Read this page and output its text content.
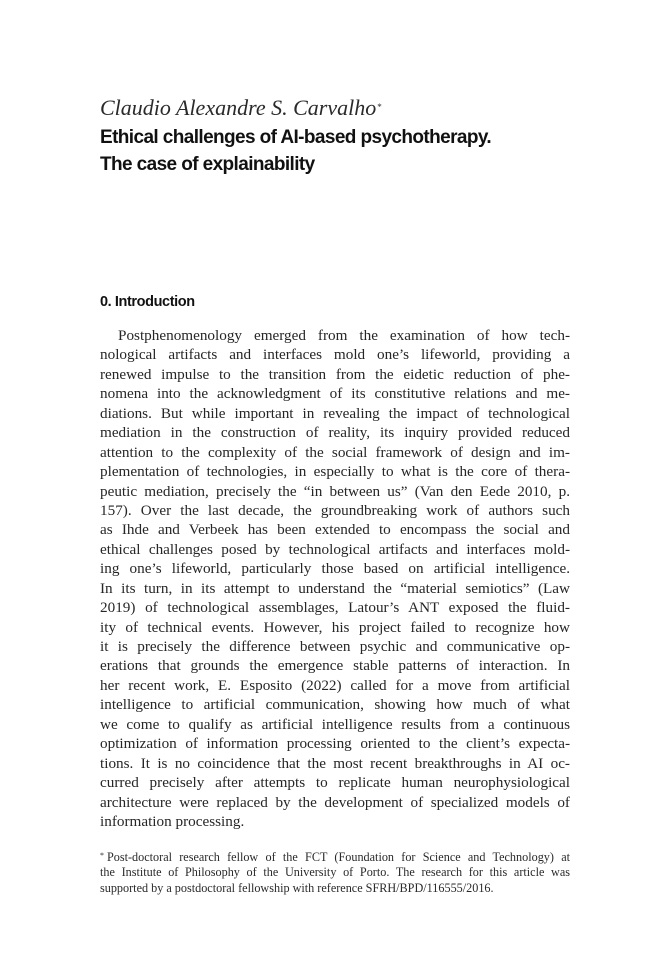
Claudio Alexandre S. Carvalho*
Ethical challenges of AI-based psychotherapy.
The case of explainability
0. Introduction
Postphenomenology emerged from the examination of how tech-
nological artifacts and interfaces mold one’s lifeworld, providing a
renewed impulse to the transition from the eidetic reduction of phe-
nomena into the acknowledgment of its constitutive relations and me-
diations. But while important in revealing the impact of technological
mediation in the construction of reality, its inquiry provided reduced
attention to the complexity of the social framework of design and im-
plementation of technologies, in especially to what is the core of thera-
peutic mediation, precisely the “in between us” (Van den Eede 2010, p.
157). Over the last decade, the groundbreaking work of authors such
as Ihde and Verbeek has been extended to encompass the social and
ethical challenges posed by technological artifacts and interfaces mold-
ing one’s lifeworld, particularly those based on artificial intelligence.
In its turn, in its attempt to understand the “material semiotics” (Law
2019) of technological assemblages, Latour’s ANT exposed the fluid-
ity of technical events. However, his project failed to recognize how
it is precisely the difference between psychic and communicative op-
erations that grounds the emergence stable patterns of interaction. In
her recent work, E. Esposito (2022) called for a move from artificial
intelligence to artificial communication, showing how much of what
we come to qualify as artificial intelligence results from a continuous
optimization of information processing oriented to the client’s expecta-
tions. It is no coincidence that the most recent breakthroughs in AI oc-
curred precisely after attempts to replicate human neurophysiological
architecture were replaced by the development of specialized models of
information processing.
* Post-doctoral research fellow of the FCT (Foundation for Science and Technology) at
the Institute of Philosophy of the University of Porto. The research for this article was
supported by a postdoctoral fellowship with reference SFRH/BPD/116555/2016.
